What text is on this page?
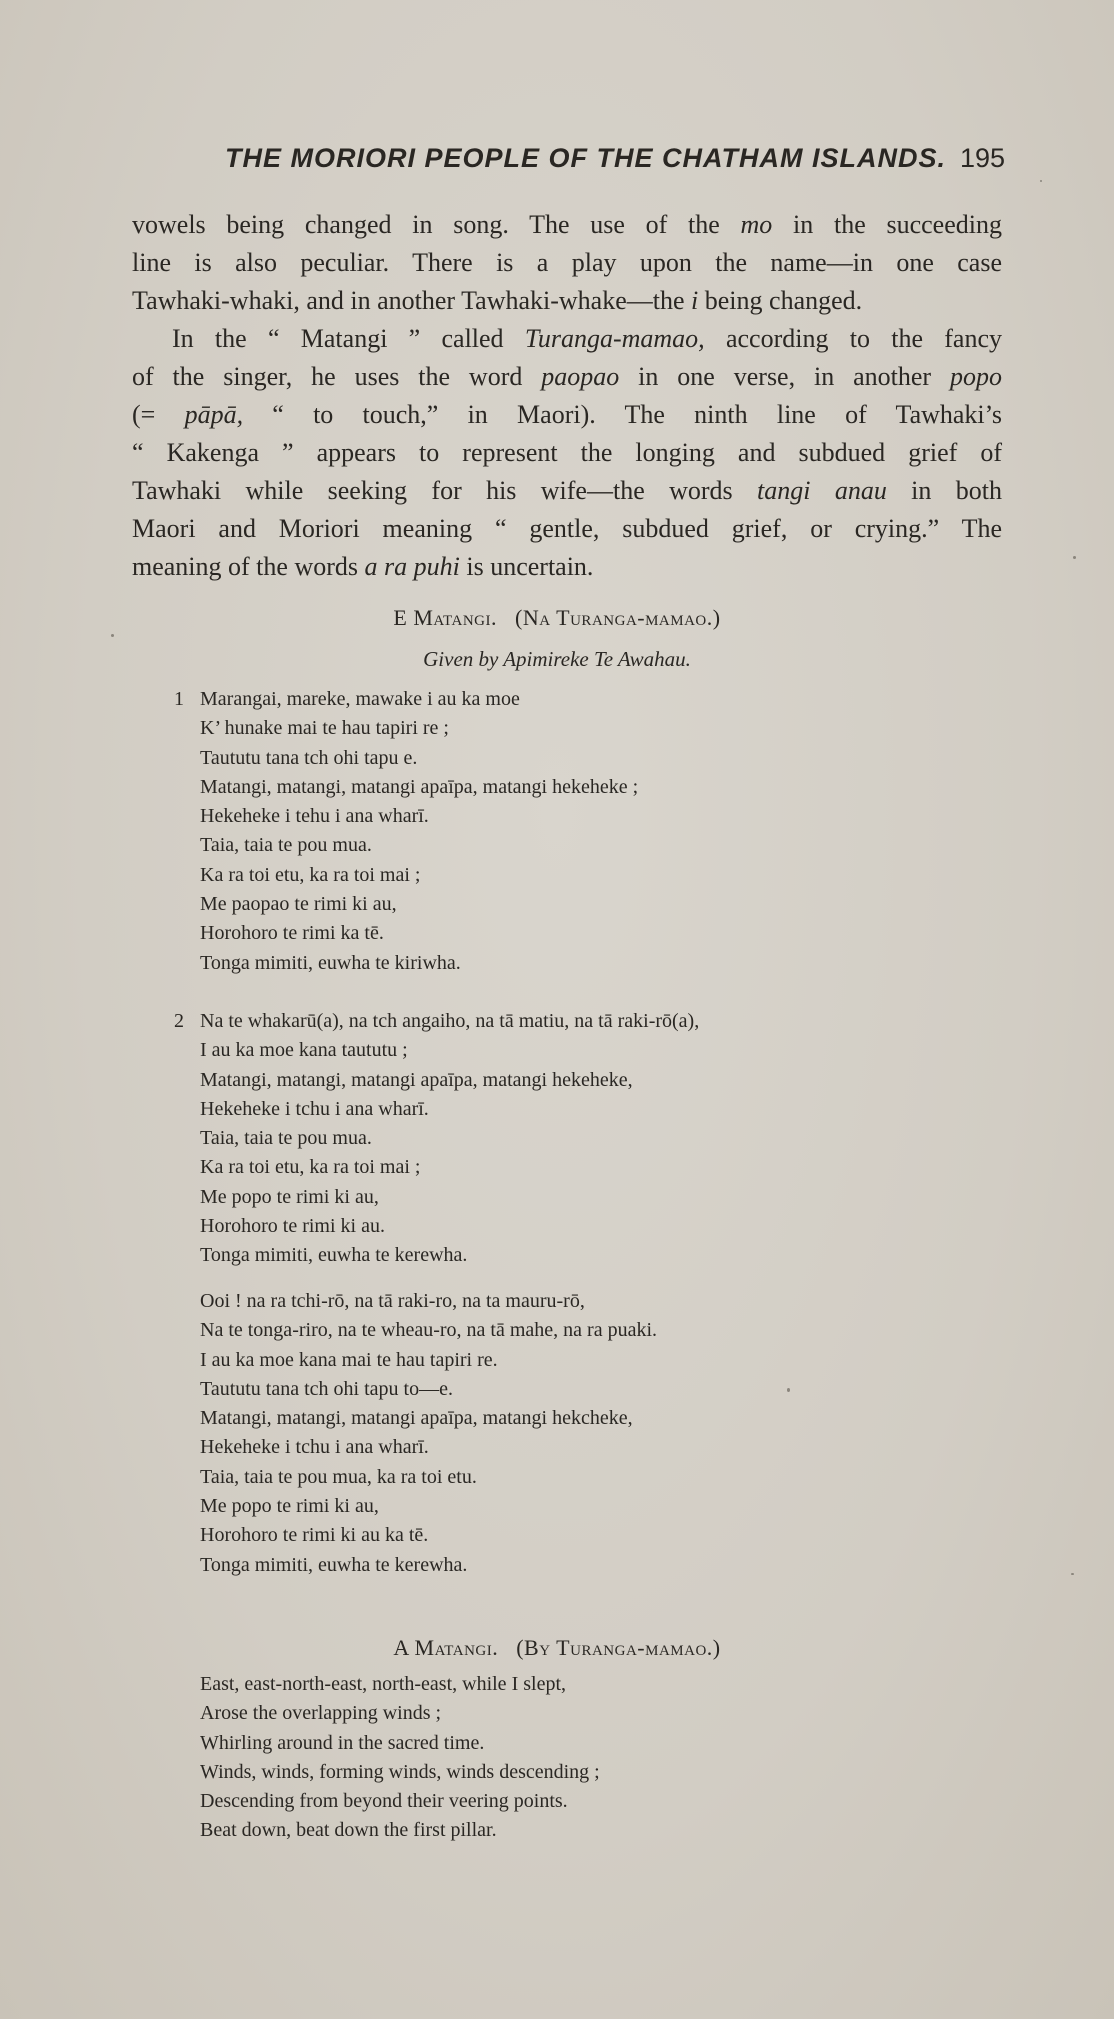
THE MORIORI PEOPLE OF THE CHATHAM ISLANDS. 195

vowels being changed in song. The use of the mo in the succeeding
line is also peculiar. There is a play upon the name—in one case
Tawhaki-whaki, and in another Tawhaki-whake—the i being changed.

In the “ Matangi ” called Turanga-mamao, according to the fancy
of the singer, he uses the word paopao in one verse, in another popo
(= pāpā, “ to touch,” in Maori). The ninth line of Tawhaki’s
“ Kakenga ” appears to represent the longing and subdued grief of
Tawhaki while seeking for his wife—the words tangi anau in both
Maori and Moriori meaning “ gentle, subdued grief, or crying.” The
meaning of the words a ra puhi is uncertain.

E Matangi. (Na Turanga-mamao.)
Given by Apimireke Te Awahau.
1 Marangai, mareke, mawake i au ka moe
K’ hunake mai te hau tapiri re ;
Taututu tana tch ohi tapu e.
Matangi, matangi, matangi apaīpa, matangi hekeheke ;
Hekeheke i tehu i ana wharī.
Taia, taia te pou mua.
Ka ra toi etu, ka ra toi mai ;
Me paopao te rimi ki au,
Horohoro te rimi ka tē.
Tonga mimiti, euwha te kiriwha.
2 Na te whakarū(a), na tch angaiho, na tā matiu, na tā raki-rō(a),
I au ka moe kana taututu ;
Matangi, matangi, matangi apaīpa, matangi hekeheke,
Hekeheke i tchu i ana wharī.
Taia, taia te pou mua.
Ka ra toi etu, ka ra toi mai ;
Me popo te rimi ki au,
Horohoro te rimi ki au.
Tonga mimiti, euwha te kerewha.
Ooi ! na ra tchi-rō, na tā raki-ro, na ta mauru-rō,
Na te tonga-riro, na te wheau-ro, na tā mahe, na ra puaki.
I au ka moe kana mai te hau tapiri re.
Taututu tana tch ohi tapu to—e.
Matangi, matangi, matangi apaīpa, matangi hekcheke,
Hekeheke i tchu i ana wharī.
Taia, taia te pou mua, ka ra toi etu.
Me popo te rimi ki au,
Horohoro te rimi ki au ka tē.
Tonga mimiti, euwha te kerewha.
A Matangi. (By Turanga-mamao.)
East, east-north-east, north-east, while I slept,
Arose the overlapping winds ;
Whirling around in the sacred time.
Winds, winds, forming winds, winds descending ;
Descending from beyond their veering points.
Beat down, beat down the first pillar.
